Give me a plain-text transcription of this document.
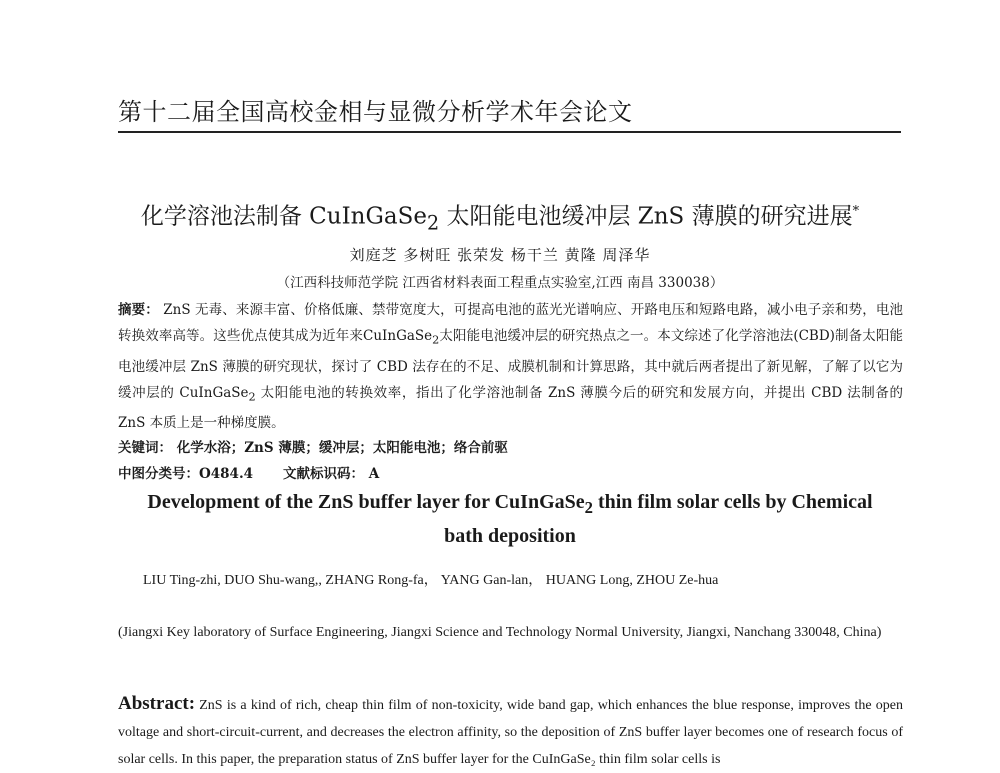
第十二届全国高校金相与显微分析学术年会论文
化学溶池法制备 CuInGaSe$_2$ 太阳能电池缓冲层 ZnS 薄膜的研究进展*
刘庭芝 多树旺 张荣发 杨干兰 黄隆 周泽华
（江西科技师范学院 江西省材料表面工程重点实验室,江西 南昌 330038）
摘要： ZnS 无毒、来源丰富、价格低廉、禁带宽度大，可提高电池的蓝光光谱响应、开路电压和短路电路，减小电子亲和势，电池转换效率高等。这些优点使其成为近年来CuInGaSe$_2$太阳能电池缓冲层的研究热点之一。本文综述了化学溶池法(CBD)制备太阳能电池缓冲层 ZnS 薄膜的研究现状，探讨了 CBD 法存在的不足、成膜机制和计算思路，其中就后两者提出了新见解，了解了以它为缓冲层的 CuInGaSe$_2$ 太阳能电池的转换效率，指出了化学溶池制备 ZnS 薄膜今后的研究和发展方向，并提出 CBD 法制备的 ZnS 本质上是一种梯度膜。
关键词： 化学水浴；ZnS 薄膜；缓冲层；太阳能电池；络合前驱
中图分类号：O484.4 文献标识码： A
Development of the ZnS buffer layer for CuInGaSe$_2$ thin film solar cells by Chemical bath deposition
LIU Ting-zhi, DUO Shu-wang,, ZHANG Rong-fa， YANG Gan-lan， HUANG Long, ZHOU Ze-hua
(Jiangxi Key laboratory of Surface Engineering, Jiangxi Science and Technology Normal University, Jiangxi, Nanchang 330048, China)
Abstract: ZnS is a kind of rich, cheap thin film of non-toxicity, wide band gap, which enhances the blue response, improves the open voltage and short-circuit-current, and decreases the electron affinity, so the deposition of ZnS buffer layer becomes one of research focus of solar cells. In this paper, the preparation status of ZnS buffer layer for the CuInGaSe₂ thin film solar cells is
